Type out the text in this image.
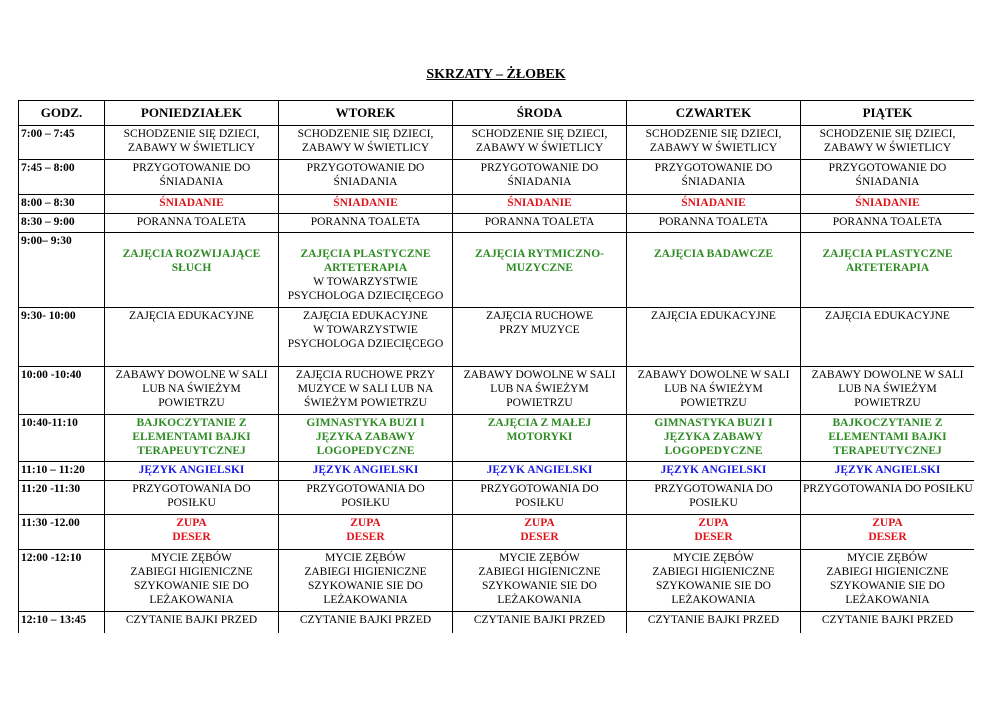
SKRZATY – ŻŁOBEK
GODZ.	PONIEDZIAŁEK	WTOREK	ŚRODA	CZWARTEK	PIĄTEK
7:00 – 7:45	SCHODZENIE SIĘ DZIECI,
ZABAWY W ŚWIETLICY	SCHODZENIE SIĘ DZIECI,
ZABAWY W ŚWIETLICY	SCHODZENIE SIĘ DZIECI,
ZABAWY W ŚWIETLICY	SCHODZENIE SIĘ DZIECI,
ZABAWY W ŚWIETLICY	SCHODZENIE SIĘ DZIECI,
ZABAWY W ŚWIETLICY

7:45 – 8:00	PRZYGOTOWANIE DO
ŚNIADANIA	PRZYGOTOWANIE DO
ŚNIADANIA	PRZYGOTOWANIE DO
ŚNIADANIA	PRZYGOTOWANIE DO
ŚNIADANIA	PRZYGOTOWANIE DO
ŚNIADANIA

8:00 – 8:30	ŚNIADANIE	ŚNIADANIE	ŚNIADANIE	ŚNIADANIE	ŚNIADANIE

8:30 – 9:00	PORANNA TOALETA	PORANNA TOALETA	PORANNA TOALETA	PORANNA TOALETA	PORANNA TOALETA

9:00– 9:30	ZAJĘCIA ROZWIJAJĄCE
SŁUCH	ZAJĘCIA PLASTYCZNE
ARTETERAPIA
W TOWARZYSTWIE
PSYCHOLOGA DZIECIĘCEGO	ZAJĘCIA RYTMICZNO-
MUZYCZNE	ZAJĘCIA BADAWCZE	ZAJĘCIA PLASTYCZNE
ARTETERAPIA

9:30- 10:00	ZAJĘCIA EDUKACYJNE	ZAJĘCIA EDUKACYJNE
W TOWARZYSTWIE
PSYCHOLOGA DZIECIĘCEGO	ZAJĘCIA RUCHOWE
PRZY MUZYCE	ZAJĘCIA EDUKACYJNE	ZAJĘCIA EDUKACYJNE

10:00 -10:40	ZABAWY DOWOLNE W SALI
LUB NA ŚWIEŻYM
POWIETRZU	ZAJĘCIA RUCHOWE PRZY
MUZYCE W SALI LUB NA
ŚWIEŻYM POWIETRZU	ZABAWY DOWOLNE W SALI
LUB NA ŚWIEŻYM
POWIETRZU	ZABAWY DOWOLNE W SALI
LUB NA ŚWIEŻYM
POWIETRZU	ZABAWY DOWOLNE W SALI
LUB NA ŚWIEŻYM
POWIETRZU

10:40-11:10	BAJKOCZYTANIE Z
ELEMENTAMI BAJKI
TERAPEUYTCZNEJ	GIMNASTYKA BUZI I
JĘZYKA ZABAWY
LOGOPEDYCZNE	ZAJĘCIA Z MAŁEJ
MOTORYKI	GIMNASTYKA BUZI I
JĘZYKA ZABAWY
LOGOPEDYCZNE	BAJKOCZYTANIE Z
ELEMENTAMI BAJKI
TERAPEUTYCZNEJ

11:10 – 11:20	JĘZYK ANGIELSKI	JĘZYK ANGIELSKI	JĘZYK ANGIELSKI	JĘZYK ANGIELSKI	JĘZYK ANGIELSKI

11:20 -11:30	PRZYGOTOWANIA DO
POSIŁKU	PRZYGOTOWANIA DO
POSIŁKU	PRZYGOTOWANIA DO
POSIŁKU	PRZYGOTOWANIA DO
POSIŁKU	PRZYGOTOWANIA DO POSIŁKU

11:30 -12.00	ZUPA
DESER	ZUPA
DESER	ZUPA
DESER	ZUPA
DESER	ZUPA
DESER

12:00 -12:10	MYCIE ZĘBÓW
ZABIEGI HIGIENICZNE
SZYKOWANIE SIE DO
LEŻAKOWANIA	MYCIE ZĘBÓW
ZABIEGI HIGIENICZNE
SZYKOWANIE SIE DO
LEŻAKOWANIA	MYCIE ZĘBÓW
ZABIEGI HIGIENICZNE
SZYKOWANIE SIE DO
LEŻAKOWANIA	MYCIE ZĘBÓW
ZABIEGI HIGIENICZNE
SZYKOWANIE SIE DO
LEŻAKOWANIA	MYCIE ZĘBÓW
ZABIEGI HIGIENICZNE
SZYKOWANIE SIE DO
LEŻAKOWANIA

12:10 – 13:45	CZYTANIE BAJKI PRZED	CZYTANIE BAJKI PRZED	CZYTANIE BAJKI PRZED	CZYTANIE BAJKI PRZED	CZYTANIE BAJKI PRZED
